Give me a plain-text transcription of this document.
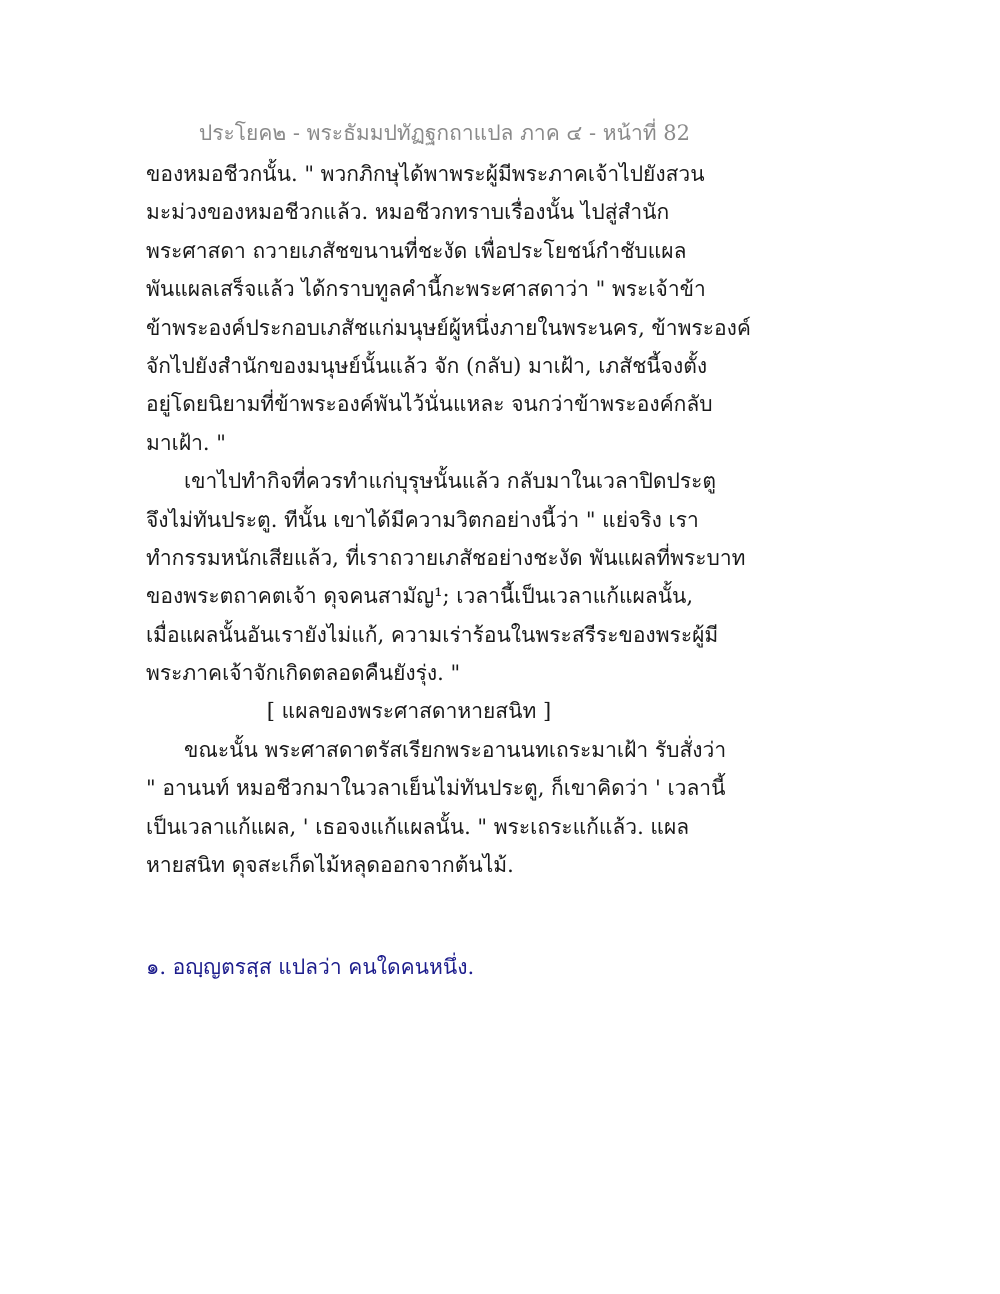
ประโยค๒ - พระธัมมปทัฏฐกถาแปล ภาค ๔ - หน้าที่ 82
ของหมอชีวกนั้น. " พวกภิกษุได้พาพระผู้มีพระภาคเจ้าไปยังสวน
มะม่วงของหมอชีวกแล้ว. หมอชีวกทราบเรื่องนั้น ไปสู่สำนัก
พระศาสดา ถวายเภสัชขนานที่ชะงัด เพื่อประโยชน์กำชับแผล
พันแผลเสร็จแล้ว ได้กราบทูลคำนี้กะพระศาสดาว่า " พระเจ้าข้า
ข้าพระองค์ประกอบเภสัชแก่มนุษย์ผู้หนึ่งภายในพระนคร, ข้าพระองค์
จักไปยังสำนักของมนุษย์นั้นแล้ว จัก (กลับ) มาเฝ้า, เภสัชนี้จงตั้ง
อยู่โดยนิยามที่ข้าพระองค์พันไว้นั่นแหละ จนกว่าข้าพระองค์กลับ
มาเฝ้า. "
เขาไปทำกิจที่ควรทำแก่บุรุษนั้นแล้ว กลับมาในเวลาปิดประตู
จึงไม่ทันประตู. ทีนั้น เขาได้มีความวิตกอย่างนี้ว่า " แย่จริง เรา
ทำกรรมหนักเสียแล้ว, ที่เราถวายเภสัชอย่างชะงัด พันแผลที่พระบาท
ของพระตถาคตเจ้า ดุจคนสามัญ¹; เวลานี้เป็นเวลาแก้แผลนั้น,
เมื่อแผลนั้นอันเรายังไม่แก้, ความเร่าร้อนในพระสรีระของพระผู้มี
พระภาคเจ้าจักเกิดตลอดคืนยังรุ่ง. "
[ แผลของพระศาสดาหายสนิท ]
ขณะนั้น พระศาสดาตรัสเรียกพระอานนทเถระมาเฝ้า รับสั่งว่า
" อานนท์ หมอชีวกมาในวลาเย็นไม่ทันประตู, ก็เขาคิดว่า ' เวลานี้
เป็นเวลาแก้แผล, ' เธอจงแก้แผลนั้น. " พระเถระแก้แล้ว. แผล
หายสนิท ดุจสะเก็ดไม้หลุดออกจากต้นไม้.
๑. อญฺญตรสฺส แปลว่า คนใดคนหนึ่ง.
